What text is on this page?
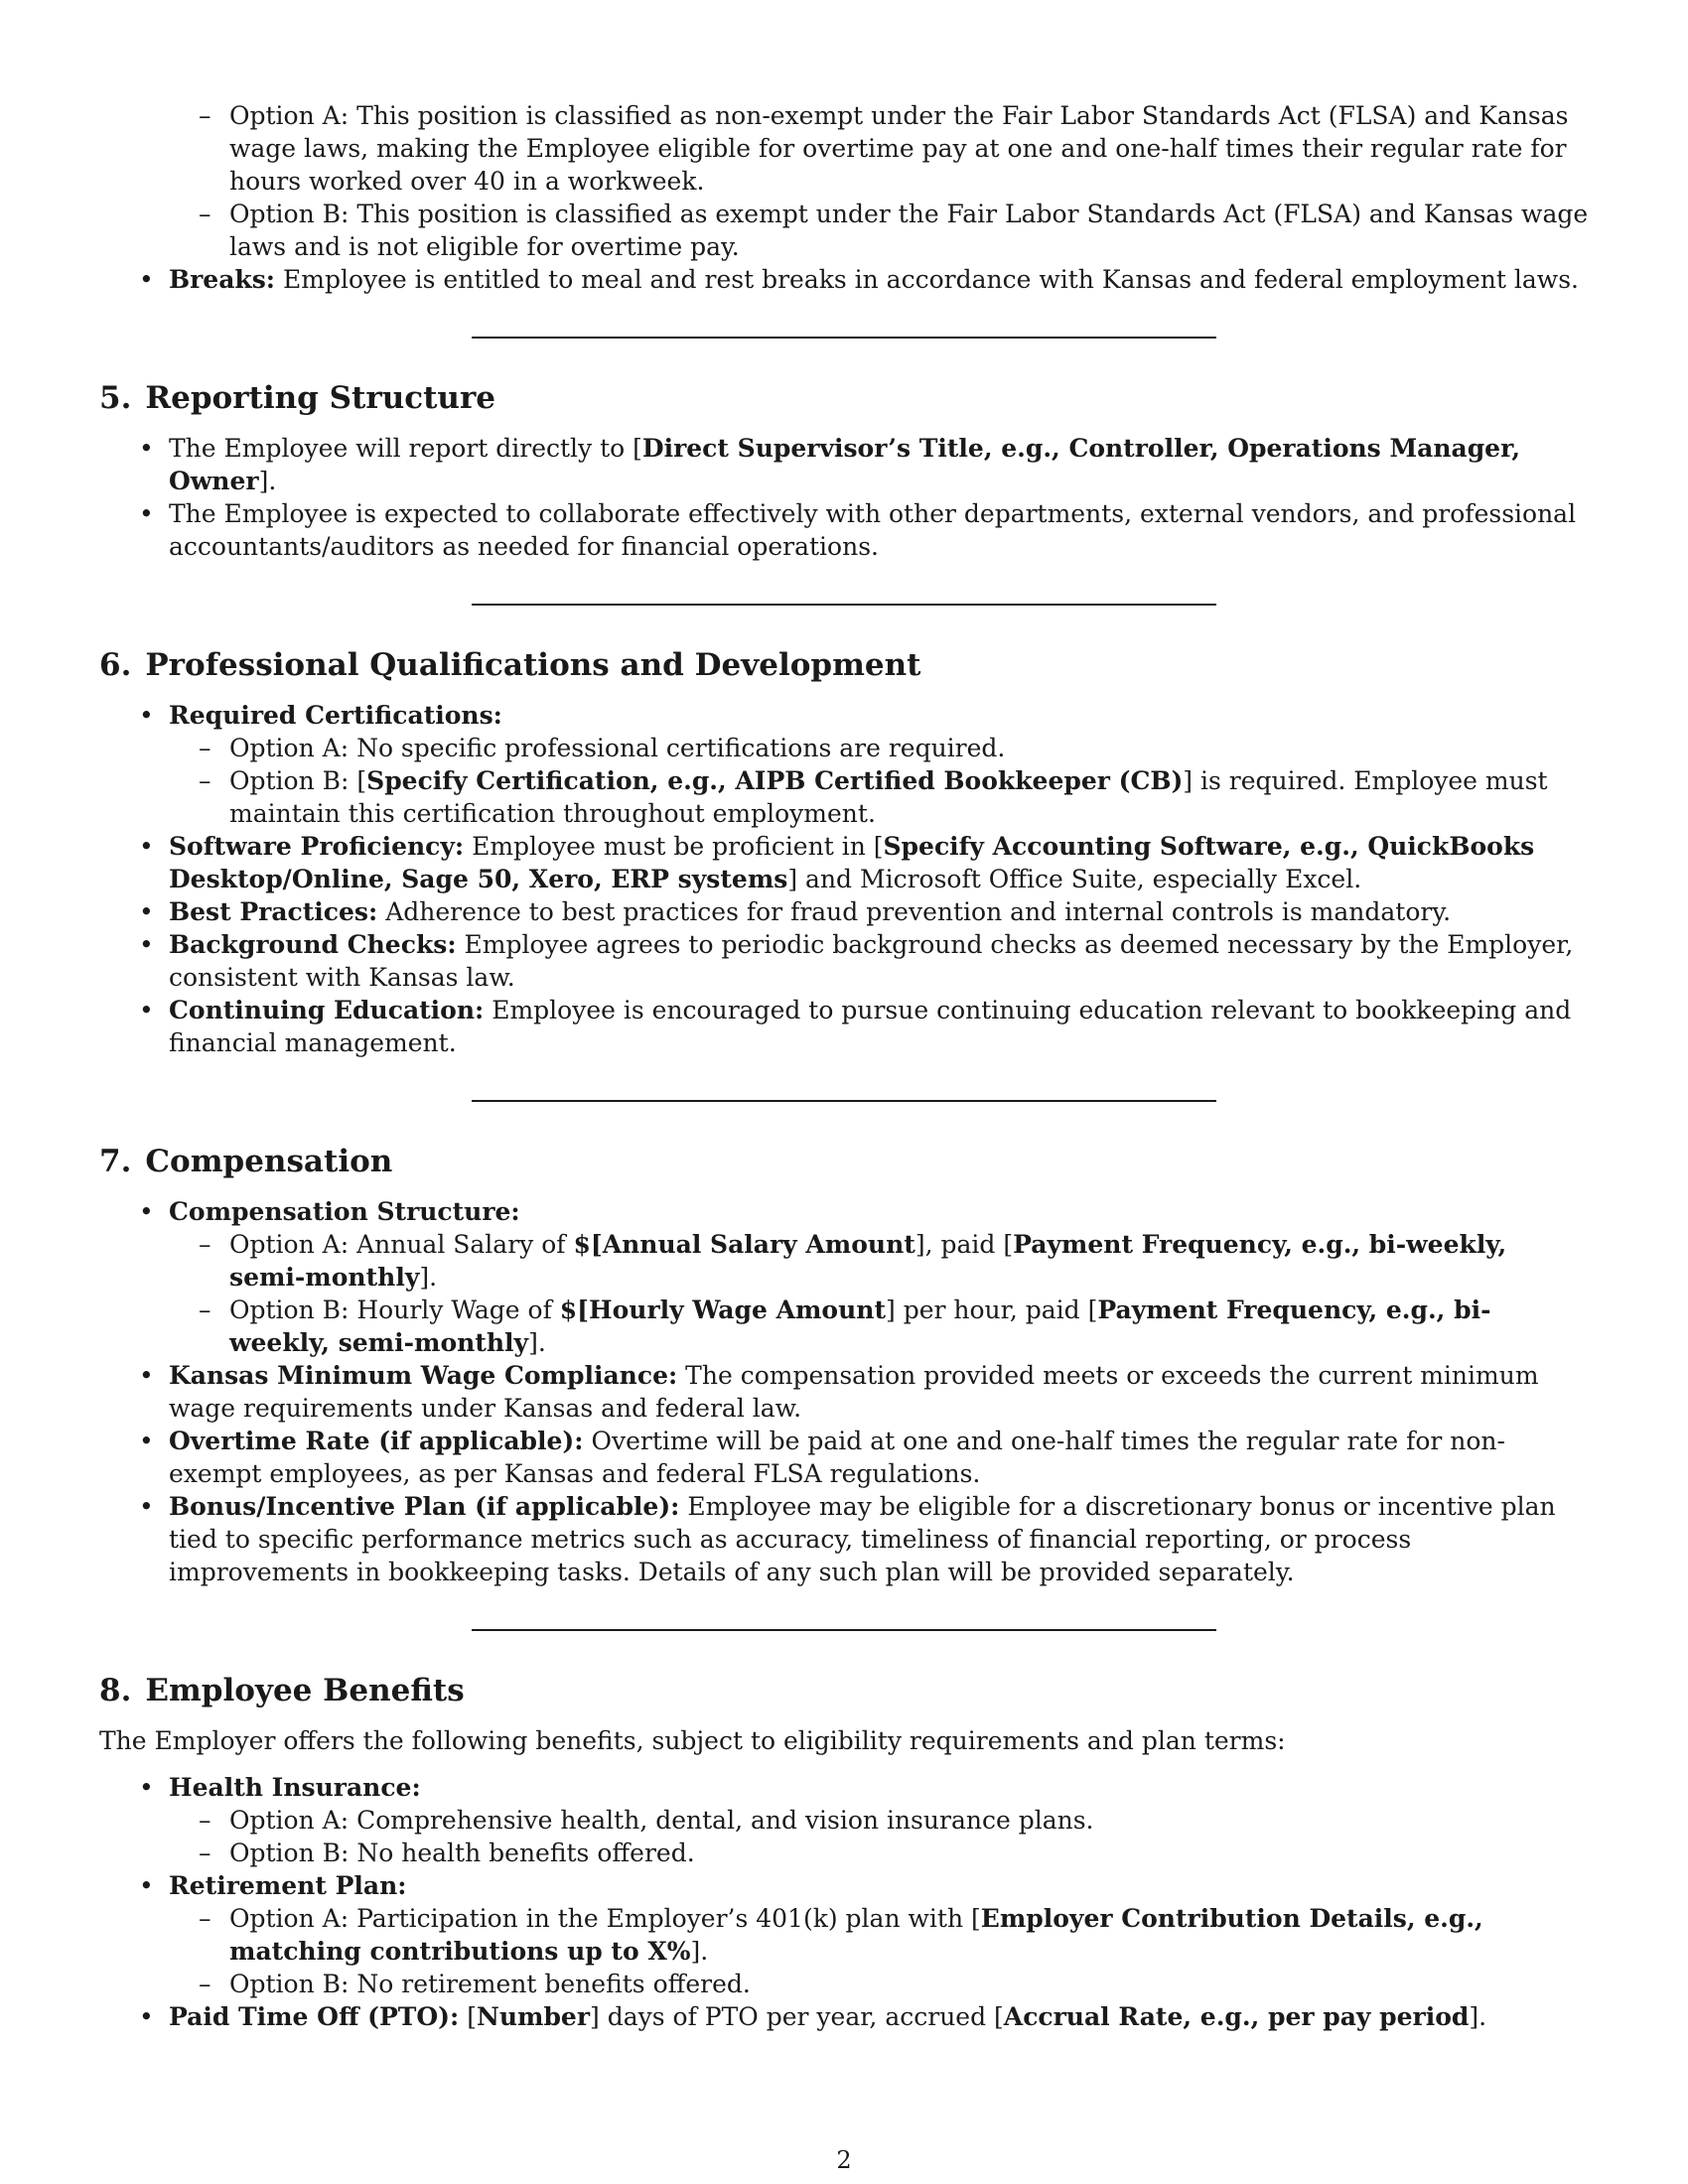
– Option A: This position is classified as non-exempt under the Fair Labor Standards Act (FLSA) and Kansas wage laws, making the Employee eligible for overtime pay at one and one-half times their regular rate for hours worked over 40 in a workweek.
– Option B: This position is classified as exempt under the Fair Labor Standards Act (FLSA) and Kansas wage laws and is not eligible for overtime pay.
• Breaks: Employee is entitled to meal and rest breaks in accordance with Kansas and federal employment laws.
5. Reporting Structure
• The Employee will report directly to [Direct Supervisor’s Title, e.g., Controller, Operations Manager, Owner].
• The Employee is expected to collaborate effectively with other departments, external vendors, and professional accountants/auditors as needed for financial operations.
6. Professional Qualifications and Development
• Required Certifications:
– Option A: No specific professional certifications are required.
– Option B: [Specify Certification, e.g., AIPB Certified Bookkeeper (CB)] is required. Employee must maintain this certification throughout employment.
• Software Proficiency: Employee must be proficient in [Specify Accounting Software, e.g., QuickBooks Desktop/Online, Sage 50, Xero, ERP systems] and Microsoft Office Suite, especially Excel.
• Best Practices: Adherence to best practices for fraud prevention and internal controls is mandatory.
• Background Checks: Employee agrees to periodic background checks as deemed necessary by the Employer, consistent with Kansas law.
• Continuing Education: Employee is encouraged to pursue continuing education relevant to bookkeeping and financial management.
7. Compensation
• Compensation Structure:
– Option A: Annual Salary of $[Annual Salary Amount], paid [Payment Frequency, e.g., bi-weekly, semi-monthly].
– Option B: Hourly Wage of $[Hourly Wage Amount] per hour, paid [Payment Frequency, e.g., bi-weekly, semi-monthly].
• Kansas Minimum Wage Compliance: The compensation provided meets or exceeds the current minimum wage requirements under Kansas and federal law.
• Overtime Rate (if applicable): Overtime will be paid at one and one-half times the regular rate for non-exempt employees, as per Kansas and federal FLSA regulations.
• Bonus/Incentive Plan (if applicable): Employee may be eligible for a discretionary bonus or incentive plan tied to specific performance metrics such as accuracy, timeliness of financial reporting, or process improvements in bookkeeping tasks. Details of any such plan will be provided separately.
8. Employee Benefits

The Employer offers the following benefits, subject to eligibility requirements and plan terms:

• Health Insurance:
– Option A: Comprehensive health, dental, and vision insurance plans.
– Option B: No health benefits offered.
• Retirement Plan:
– Option A: Participation in the Employer’s 401(k) plan with [Employer Contribution Details, e.g., matching contributions up to X%].
– Option B: No retirement benefits offered.
• Paid Time Off (PTO): [Number] days of PTO per year, accrued [Accrual Rate, e.g., per pay period].
2
